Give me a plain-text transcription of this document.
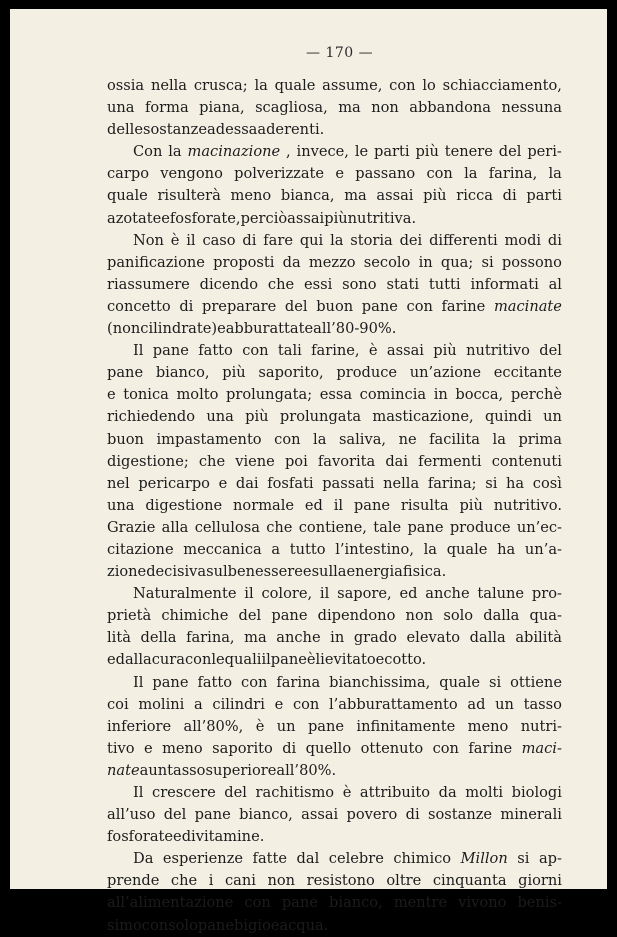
— 170 —
ossia nella crusca; la quale assume, con lo schiacciamento,
una forma piana, scagliosa, ma non abbandona nessuna
delle sostanze ad essa aderenti.
Con la macinazione , invece, le parti più tenere del peri-
carpo vengono polverizzate e passano con la farina, la
quale risulterà meno bianca, ma assai più ricca di parti
azotate e fosforate, perciò assai più nutritiva.
Non è il caso di fare qui la storia dei differenti modi di
panificazione proposti da mezzo secolo in qua; si possono
riassumere dicendo che essi sono stati tutti informati al
concetto di preparare del buon pane con farine macinate
(non cilindrate) e abburattate all’80-90%.
Il pane fatto con tali farine, è assai più nutritivo del
pane bianco, più saporito, produce un’azione eccitante
e tonica molto prolungata; essa comincia in bocca, perchè
richiedendo una più prolungata masticazione, quindi un
buon impastamento con la saliva, ne facilita la prima
digestione; che viene poi favorita dai fermenti contenuti
nel pericarpo e dai fosfati passati nella farina; si ha così
una digestione normale ed il pane risulta più nutritivo.
Grazie alla cellulosa che contiene, tale pane produce un’ec-
citazione meccanica a tutto l’intestino, la quale ha un’a-
zione decisiva sul benessere e sulla energia fisica.
Naturalmente il colore, il sapore, ed anche talune pro-
prietà chimiche del pane dipendono non solo dalla qua-
lità della farina, ma anche in grado elevato dalla abilità
e dalla cura con le quali il pane è lievitato e cotto.
Il pane fatto con farina bianchissima, quale si ottiene
coi molini a cilindri e con l’abburattamento ad un tasso
inferiore all’80%, è un pane infinitamente meno nutri-
tivo e meno saporito di quello ottenuto con farine maci-
nate a un tasso superiore all’80%.
Il crescere del rachitismo è attribuito da molti biologi
all’uso del pane bianco, assai povero di sostanze minerali
fosforate e di vitamine.
Da esperienze fatte dal celebre chimico Millon si ap-
prende che i cani non resistono oltre cinquanta giorni
all’alimentazione con pane bianco, mentre vivono benis-
simo con solo pane bigio e acqua.
